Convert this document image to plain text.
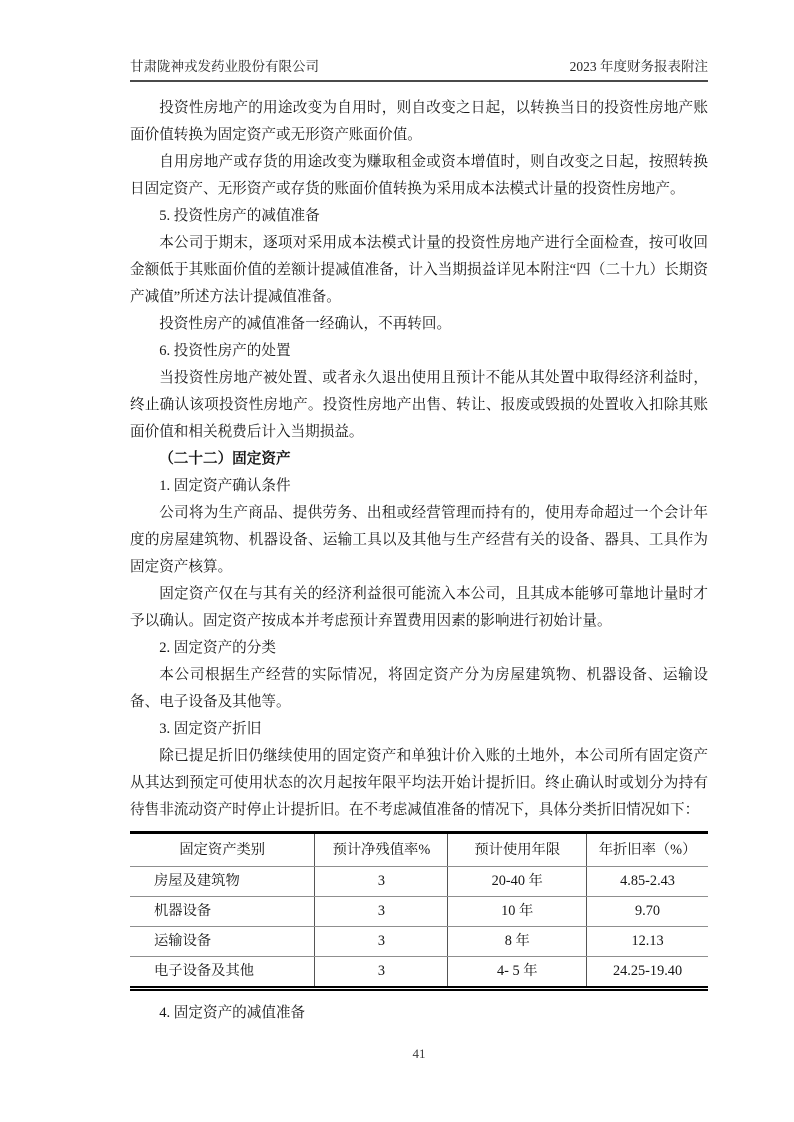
甘肃陇神戎发药业股份有限公司	2023 年度财务报表附注

投资性房地产的用途改变为自用时，则自改变之日起，以转换当日的投资性房地产账面价值转换为固定资产或无形资产账面价值。

自用房地产或存货的用途改变为赚取租金或资本增值时，则自改变之日起，按照转换日固定资产、无形资产或存货的账面价值转换为采用成本法模式计量的投资性房地产。

5. 投资性房产的减值准备

本公司于期末，逐项对采用成本法模式计量的投资性房地产进行全面检查，按可收回金额低于其账面价值的差额计提减值准备，计入当期损益详见本附注“四（二十九）长期资产减值”所述方法计提减值准备。

投资性房产的减值准备一经确认，不再转回。

6. 投资性房产的处置

当投资性房地产被处置、或者永久退出使用且预计不能从其处置中取得经济利益时，终止确认该项投资性房地产。投资性房地产出售、转让、报废或毁损的处置收入扣除其账面价值和相关税费后计入当期损益。

（二十二）固定资产

1. 固定资产确认条件

公司将为生产商品、提供劳务、出租或经营管理而持有的，使用寿命超过一个会计年度的房屋建筑物、机器设备、运输工具以及其他与生产经营有关的设备、器具、工具作为固定资产核算。

固定资产仅在与其有关的经济利益很可能流入本公司，且其成本能够可靠地计量时才予以确认。固定资产按成本并考虑预计弃置费用因素的影响进行初始计量。

2. 固定资产的分类

本公司根据生产经营的实际情况，将固定资产分为房屋建筑物、机器设备、运输设备、电子设备及其他等。

3. 固定资产折旧

除已提足折旧仍继续使用的固定资产和单独计价入账的土地外，本公司所有固定资产从其达到预定可使用状态的次月起按年限平均法开始计提折旧。终止确认时或划分为持有待售非流动资产时停止计提折旧。在不考虑减值准备的情况下，具体分类折旧情况如下：

固定资产类别	预计净残值率%	预计使用年限	年折旧率（%）
房屋及建筑物	3	20-40 年	4.85-2.43
机器设备	3	10 年	9.70
运输设备	3	8 年	12.13
电子设备及其他	3	4- 5 年	24.25-19.40

4. 固定资产的减值准备

41
